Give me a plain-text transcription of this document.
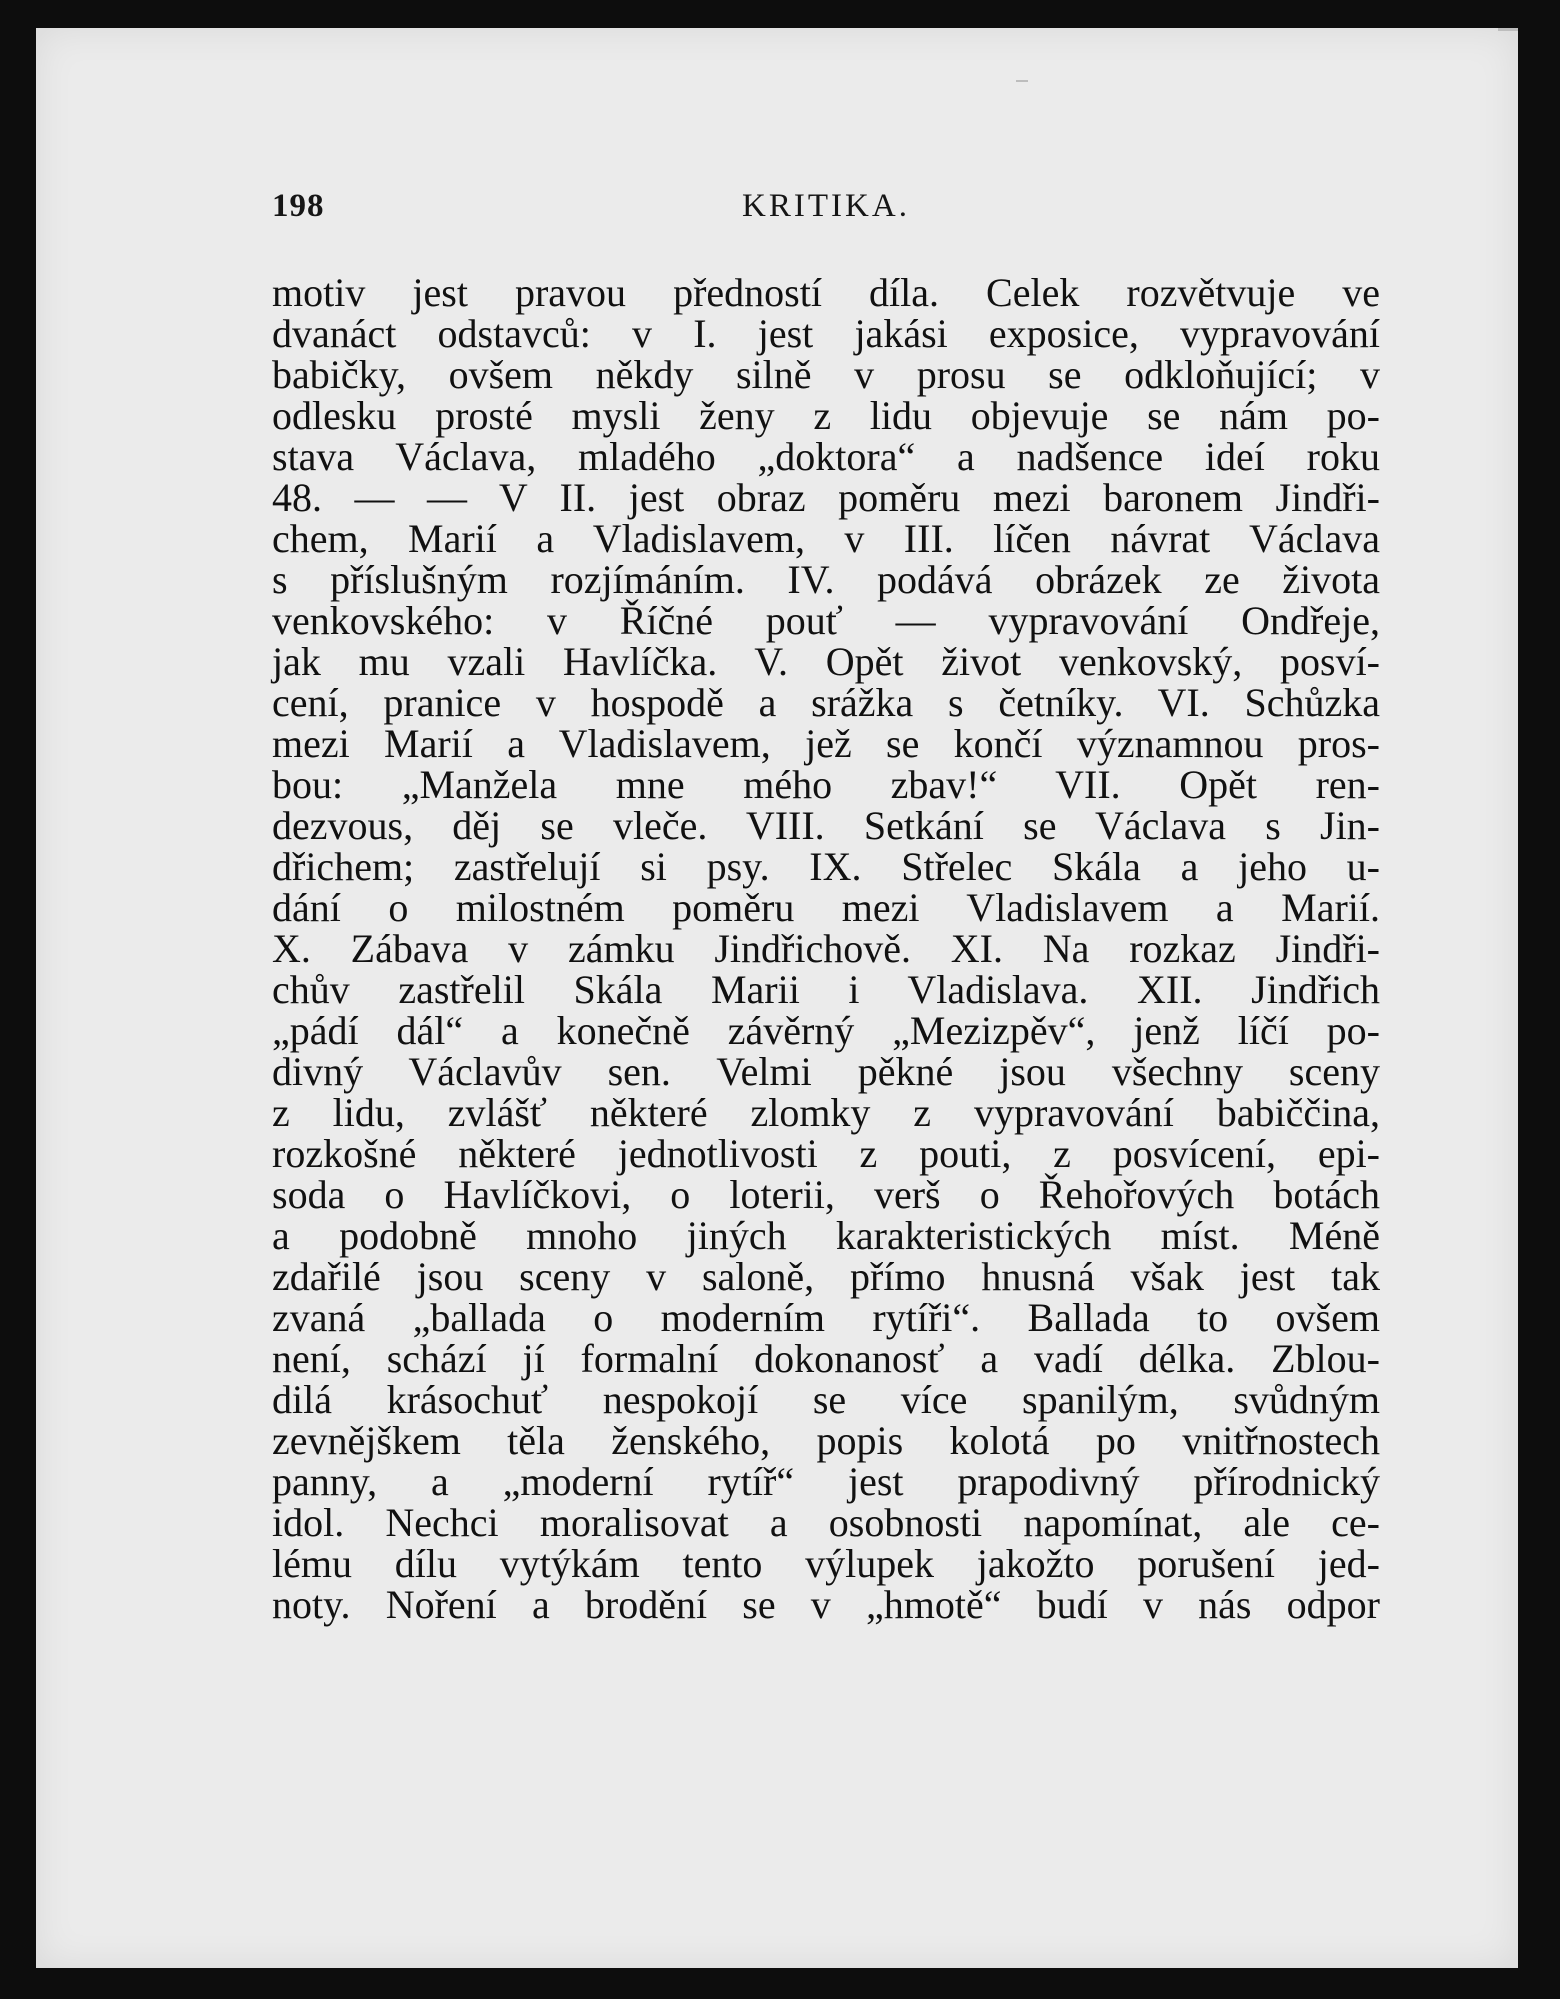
198	KRITIKA.
motiv jest pravou předností díla. Celek rozvětvuje ve
dvanáct odstavců: v I. jest jakási exposice, vypravování
babičky, ovšem někdy silně v prosu se odkloňující; v
odlesku prosté mysli ženy z lidu objevuje se nám po-
stava Václava, mladého „doktora“ a nadšence ideí roku
48. — — V II. jest obraz poměru mezi baronem Jindři-
chem, Marií a Vladislavem, v III. líčen návrat Václava
s příslušným rozjímáním. IV. podává obrázek ze života
venkovského: v Říčné pouť — vypravování Ondřeje,
jak mu vzali Havlíčka. V. Opět život venkovský, posví-
cení, pranice v hospodě a srážka s četníky. VI. Schůzka
mezi Marií a Vladislavem, jež se končí významnou pros-
bou: „Manžela mne mého zbav!“ VII. Opět ren-
dezvous, děj se vleče. VIII. Setkání se Václava s Jin-
dřichem; zastřelují si psy. IX. Střelec Skála a jeho u-
dání o milostném poměru mezi Vladislavem a Marií.
X. Zábava v zámku Jindřichově. XI. Na rozkaz Jindři-
chův zastřelil Skála Marii i Vladislava. XII. Jindřich
„pádí dál“ a konečně závěrný „Mezizpěv“, jenž líčí po-
divný Václavův sen. Velmi pěkné jsou všechny sceny
z lidu, zvlášť některé zlomky z vypravování babiččina,
rozkošné některé jednotlivosti z pouti, z posvícení, epi-
soda o Havlíčkovi, o loterii, verš o Řehořových botách
a podobně mnoho jiných karakteristických míst. Méně
zdařilé jsou sceny v saloně, přímo hnusná však jest tak
zvaná „ballada o moderním rytíři“. Ballada to ovšem
není, schází jí formalní dokonanosť a vadí délka. Zblou-
dilá krásochuť nespokojí se více spanilým, svůdným
zevnějškem těla ženského, popis kolotá po vnitřnostech
panny, a „moderní rytíř“ jest prapodivný přírodnický
idol. Nechci moralisovat a osobnosti napomínat, ale ce-
lému dílu vytýkám tento výlupek jakožto porušení jed-
noty. Noření a brodění se v „hmotě“ budí v nás odpor
